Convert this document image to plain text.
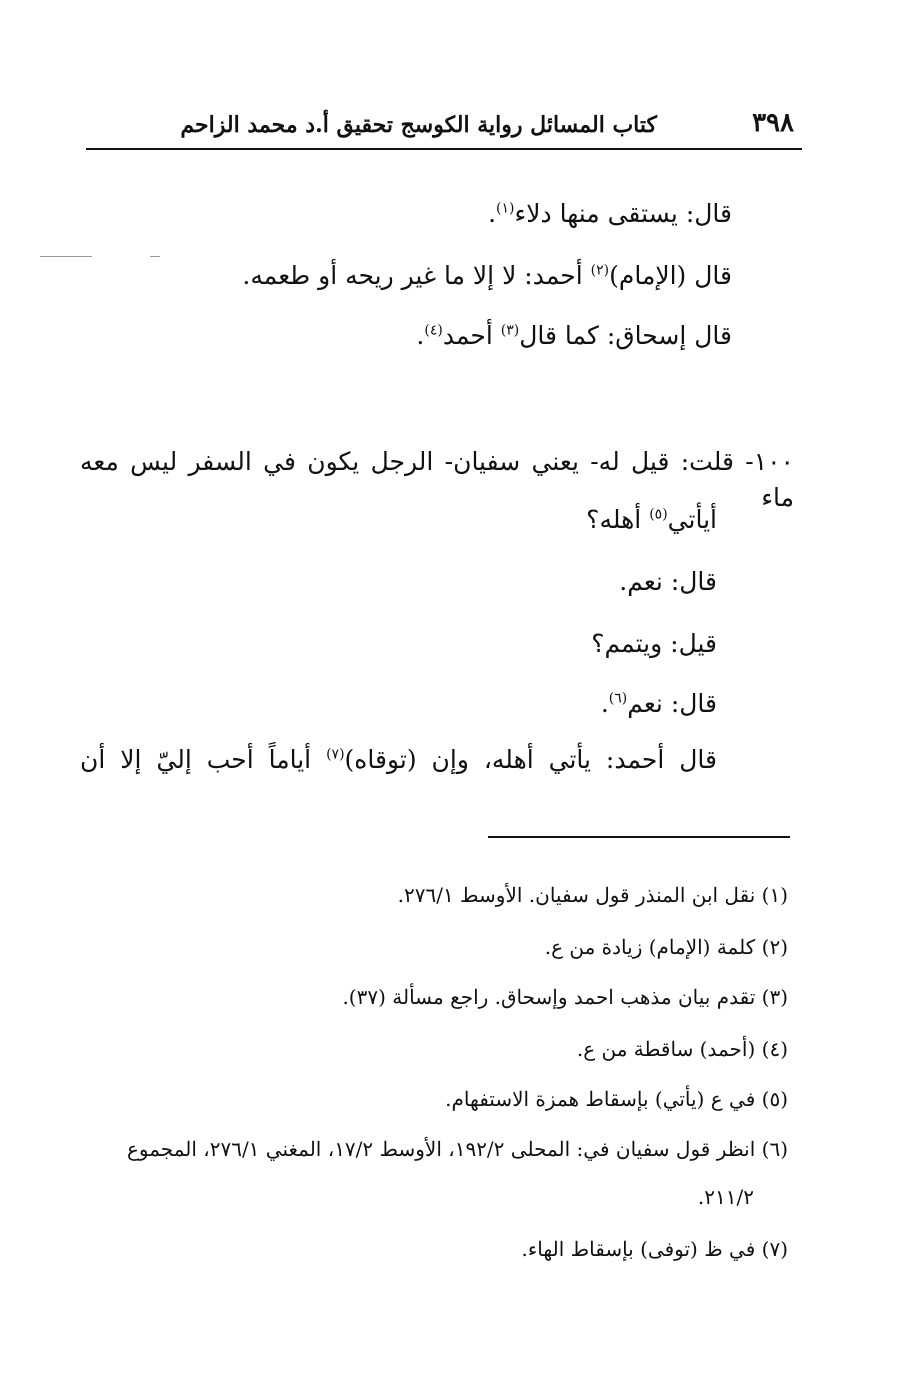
٣٩٨
كتاب المسائل رواية الكوسج تحقيق أ.د محمد الزاحم
قال: يستقى منها دلاء$^{(١)}$.
قال (الإمام)$^{(٢)}$ أحمد: لا إلا ما غير ريحه أو طعمه.
قال إسحاق: كما قال$^{(٣)}$ أحمد$^{(٤)}$.
١٠٠- قلت: قيل له- يعني سفيان- الرجل يكون في السفر ليس معه ماء
أيأتي$^{(٥)}$ أهله؟
قال: نعم.
قيل: ويتمم؟
قال: نعم$^{(٦)}$.
قال أحمد: يأتي أهله، وإن (توقاه)$^{(٧)}$ أياماً أحب إليّ إلا أن
(١) نقل ابن المنذر قول سفيان. الأوسط ٢٧٦/١.
(٢) كلمة (الإمام) زيادة من ع.
(٣) تقدم بيان مذهب احمد وإسحاق. راجع مسألة (٣٧).
(٤) (أحمد) ساقطة من ع.
(٥) في ع (يأتي) بإسقاط همزة الاستفهام.
(٦) انظر قول سفيان في: المحلى ١٩٢/٢، الأوسط ١٧/٢، المغني ٢٧٦/١، المجموع
٢١١/٢.
(٧) في ظ (توفى) بإسقاط الهاء.
